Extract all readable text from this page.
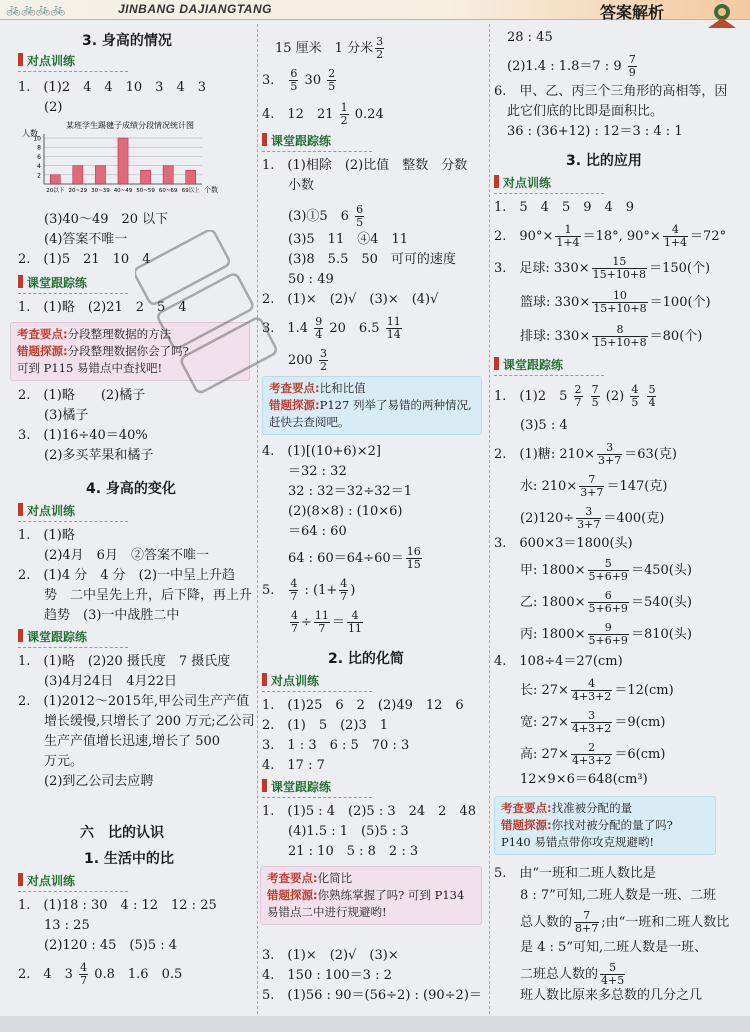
🚲🚲🚲🚲	JINBANG DAJIANGTANG	答案解析
3. 身高的情况
对点训练
1.　(1)2　4　4　10　3　4　3
　　(2)
　　(3)40～49　20 以下
　　(4)答案不唯一
2.　(1)5　21　10　4
课堂跟踪练
1.　(1)略　(2)21　2　5　4
考查要点:分段整理数据的方法
错题探源:分段整理数据你会了吗?
可到 P115 易错点中查找吧!
2.　(1)略　　(2)橘子
　　(3)橘子
3.　(1)16÷40＝40%
　　(2)多买苹果和橘子
4. 身高的变化
对点训练
1.　(1)略
　　(2)4月　6月　②答案不唯一
2.　(1)4 分　4 分　(2)一中呈上升趋
　　势　二中呈先上升，后下降，再上升
　　趋势　(3)一中战胜二中
课堂跟踪练
1.　(1)略　(2)20 摄氏度　7 摄氏度
　　(3)4月24日　4月22日
2.　(1)2012～2015年,甲公司生产产值
　　增长缓慢,只增长了 200 万元;乙公司
　　生产产值增长迅速,增长了 500
　　万元。
　　(2)到乙公司去应聘
六　比的认识
1. 生活中的比
对点训练
1.　(1)18 : 30　4 : 12　12 : 25
　　13 : 25
　　(2)120 : 45　(5)5 : 4
2.　4　$3 \frac{4}{7} 0.8$　1.6　0.5
某班学生踢毽子成绩分段情况统计图
人数
2
4
6
8
10
20以下 20~29 30~39 40~49 50~59 60~69 69以上 个数
　15 厘米　1 分米 $\frac{3}{2}$
3.　 $\frac{6}{5} 30 \frac{2}{5}$
4.　12　$21 \frac{1}{2} 0.24$
课堂跟踪练
1.　(1)相除　(2)比值　整数　分数
　　小数
　　(3)①5　$6 \frac{6}{5}$
　　(3)5　11　④4　11
　　(3)8　5.5　50　可可的速度
　　50 : 49
2.　(1)×　(2)√　(3)×　(4)√
3.　$1.4 \frac{9}{4} 20$　$6.5 \frac{11}{14}$
　　$200 \frac{3}{2}$
考查要点:比和比值
错题探源:P127 列举了易错的两种情况,
赶快去查阅吧。
4.　(1)[(10+6)×2]
　　＝32 : 32
　　32 : 32＝32÷32＝1
　　(2)(8×8) : (10×6)
　　＝64 : 60
　　64 : $60=64\div 60= \frac{16}{15}$
5.　 $\frac{4}{7}$ : ($1+ \frac{4}{7}$ )

$\frac{4}{7} \div \frac{11}{7} = \frac{4}{11}$
2. 比的化简
对点训练
1.　(1)25　6　2　(2)49　12　6
2.　(1)　5　(2)3　1
3.　1 : 3　6 : 5　70 : 3
4.　17 : 7
课堂跟踪练
1.　(1)5 : 4　(2)5 : 3　24　2　48
　　(4)1.5 : 1　(5)5 : 3
　　21 : 10　5 : 8　2 : 3
考查要点:化简比
错题探源:你熟练掌握了吗? 可到 P134
易错点二中进行规避哟!
3.　(1)×　(2)√　(3)×
4.　150 : 100＝3 : 2
5.　(1)56 : 90＝(56÷2) : (90÷2)＝
　28 : 45
　(2)1.4 : 1.8＝7 : $9 \frac{7}{9}$
6.　甲、乙、丙三个三角形的高相等，因
　此它们底的比即是面积比。
　36 : (36+12) : 12＝3 : 4 : 1
3. 比的应用
对点训练
1.　5　4　5　9　4　9
2.　$90^\circ\times \frac{1}{1+4} =18^\circ$, $90^\circ\times \frac{4}{1+4} =72^\circ$
3.　足球: $330\times \frac{15}{15+10+8} =150$(个)
　　篮球: $330\times \frac{10}{15+10+8} =100$(个)
　　排球: $330\times \frac{8}{15+10+8} =80$(个)
课堂跟踪练
1.　(1)2　$5 \frac{2}{7}$
$\frac{7}{5} (2) \frac{4}{5}$
$\frac{5}{4}$
　　(3)5 : 4
2.　(1)糖: $210\times \frac{3}{3+7} =63$(克)
　　水: $210\times \frac{7}{3+7} =147$(克)
　　$(2)120\div \frac{3}{3+7} =400$(克)
3.　600×3＝1800(头)
　　甲: $1800\times \frac{5}{5+6+9} =450$(头)
　　乙: $1800\times \frac{6}{5+6+9} =540$(头)
　　丙: $1800\times \frac{9}{5+6+9} =810$(头)
4.　108÷4＝27(cm)
　　长: $27\times \frac{4}{4+3+2} =12(cm)$
　　宽: $27\times \frac{3}{4+3+2} =9(cm)$
　　高: $27\times \frac{2}{4+3+2} =6(cm)$
　　12×9×6＝648(cm³)
考查要点:找准被分配的量
错题探源:你找对被分配的量了吗?
P140 易错点带你攻克规避哟!
5.　由“一班和二班人数比是
　　8 : 7”可知,二班人数是一班、二班
　　总人数的 $\frac{7}{8+7}$ ;由“一班和二班人数比
　　是 4 : 5”可知,二班人数是一班、
　　二班总人数的 $\frac{5}{4+5}$
　　班人数比原来多总数的几分之几
